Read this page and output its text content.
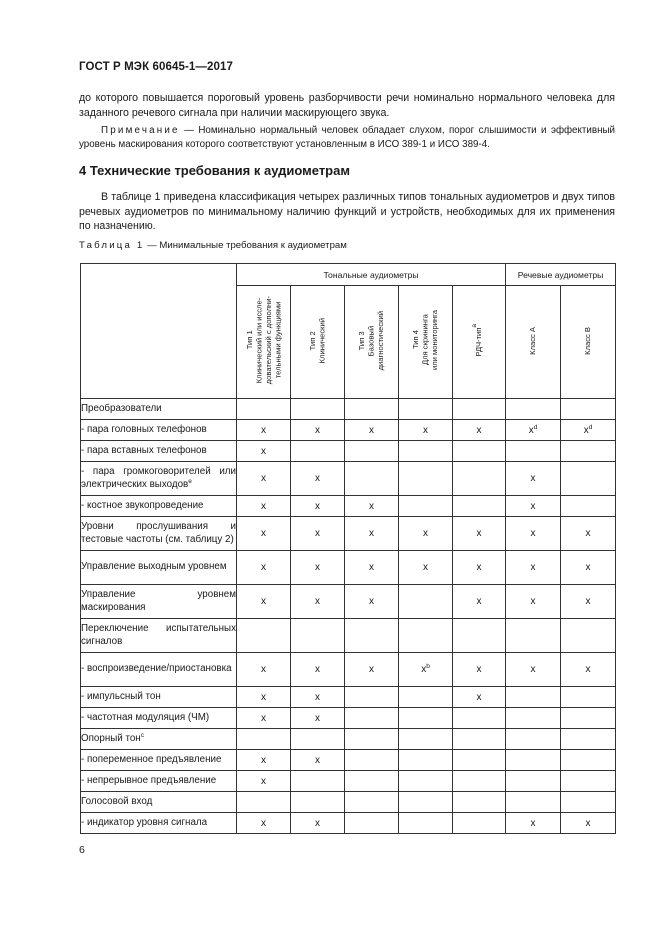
ГОСТ Р МЭК 60645-1—2017
до которого повышается пороговый уровень разборчивости речи номинально нормального человека для заданного речевого сигнала при наличии маскирующего звука.
Примечание — Номинально нормальный человек обладает слухом, порог слышимости и эффективный уровень маскирования которого соответствуют установленным в ИСО 389-1 и ИСО 389-4.
4 Технические требования к аудиометрам
В таблице 1 приведена классификация четырех различных типов тональных аудиометров и двух типов речевых аудиометров по минимальному наличию функций и устройств, необходимых для их применения по назначению.
Таблица 1 — Минимальные требования к аудиометрам
	Тональные аудиометры					Речевые аудиометры	
	Тип 1
Клинический или иссле-
довательский с дополни-
тельными функциями	Тип 2
Клинический	Тип 3
Базовый
диагностический	Тип 4
Для скрининга
или мониторинга	РДЧ-тип$^a$	Класс А	Класс В
Преобразователи							
- пара головных телефонов	x	x	x	x	x	$x^d$	$x^d$
- пара вставных телефонов	x						
- пара громкоговорителей или электрических выходов$^e$	x	x				x	
- костное звукопроведение	x	x	x			x	
Уровни прослушивания и тестовые частоты (см. таблицу 2)	x	x	x	x	x	x	x
Управление выходным уровнем	x	x	x	x	x	x	x
Управление уровнем маскирования	x	x	x		x	x	x
Переключение испытательных сигналов							
- воспроизведение/приостановка	x	x	x	$x^b$	x	x	x
- импульсный тон	x	x			x		
- частотная модуляция (ЧМ)	x	x					
Опорный тон$^c$							
- попеременное предъявление	x	x					
- непрерывное предъявление	x						
Голосовой вход							
- индикатор уровня сигнала	x	x				x	x
6
